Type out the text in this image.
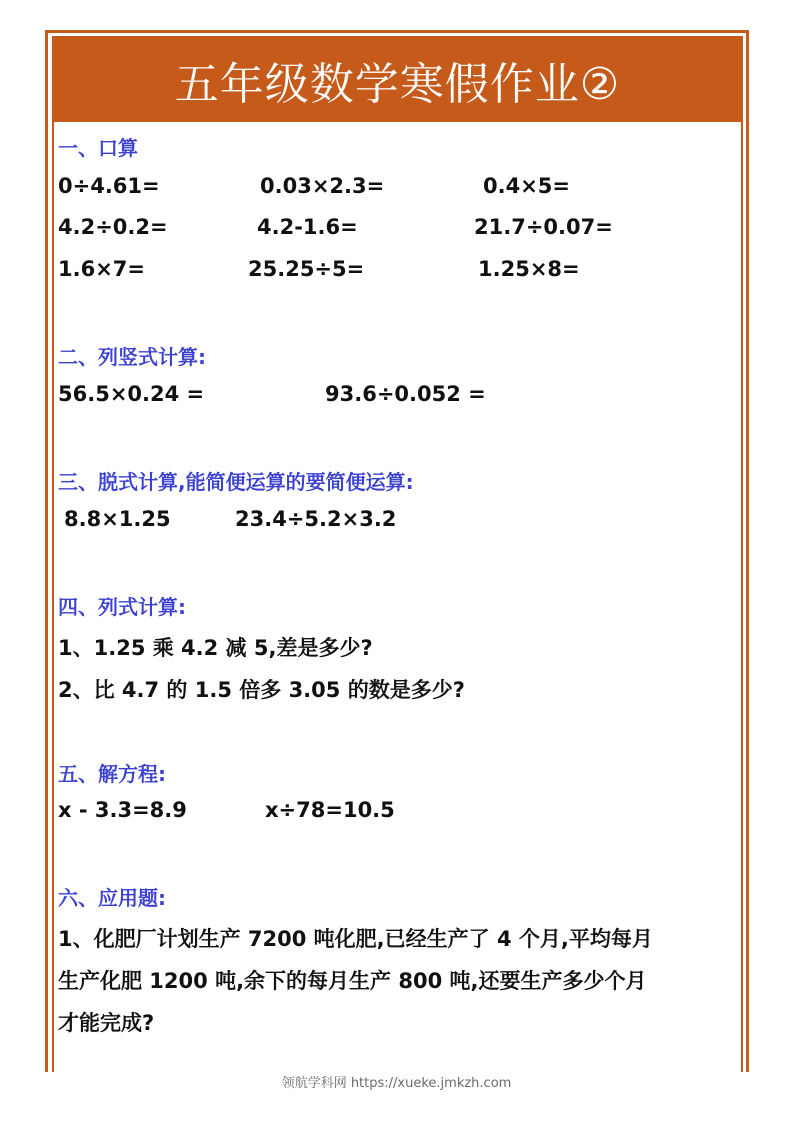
五年级数学寒假作业②
一、口算
0÷4.61=	0.03×2.3=	0.4×5=
4.2÷0.2=	4.2-1.6=	21.7÷0.07=
1.6×7=	25.25÷5=	1.25×8=
二、列竖式计算:
56.5×0.24 =	93.6÷0.052 =
三、脱式计算,能简便运算的要简便运算:
8.8×1.25	23.4÷5.2×3.2
四、列式计算:
1、1.25 乘 4.2 减 5,差是多少?
2、比 4.7 的 1.5 倍多 3.05 的数是多少?
五、解方程:
x - 3.3=8.9	x÷78=10.5
六、应用题:
1、化肥厂计划生产 7200 吨化肥,已经生产了 4 个月,平均每月
生产化肥 1200 吨,余下的每月生产 800 吨,还要生产多少个月
才能完成?
领航学科网 https://xueke.jmkzh.com
